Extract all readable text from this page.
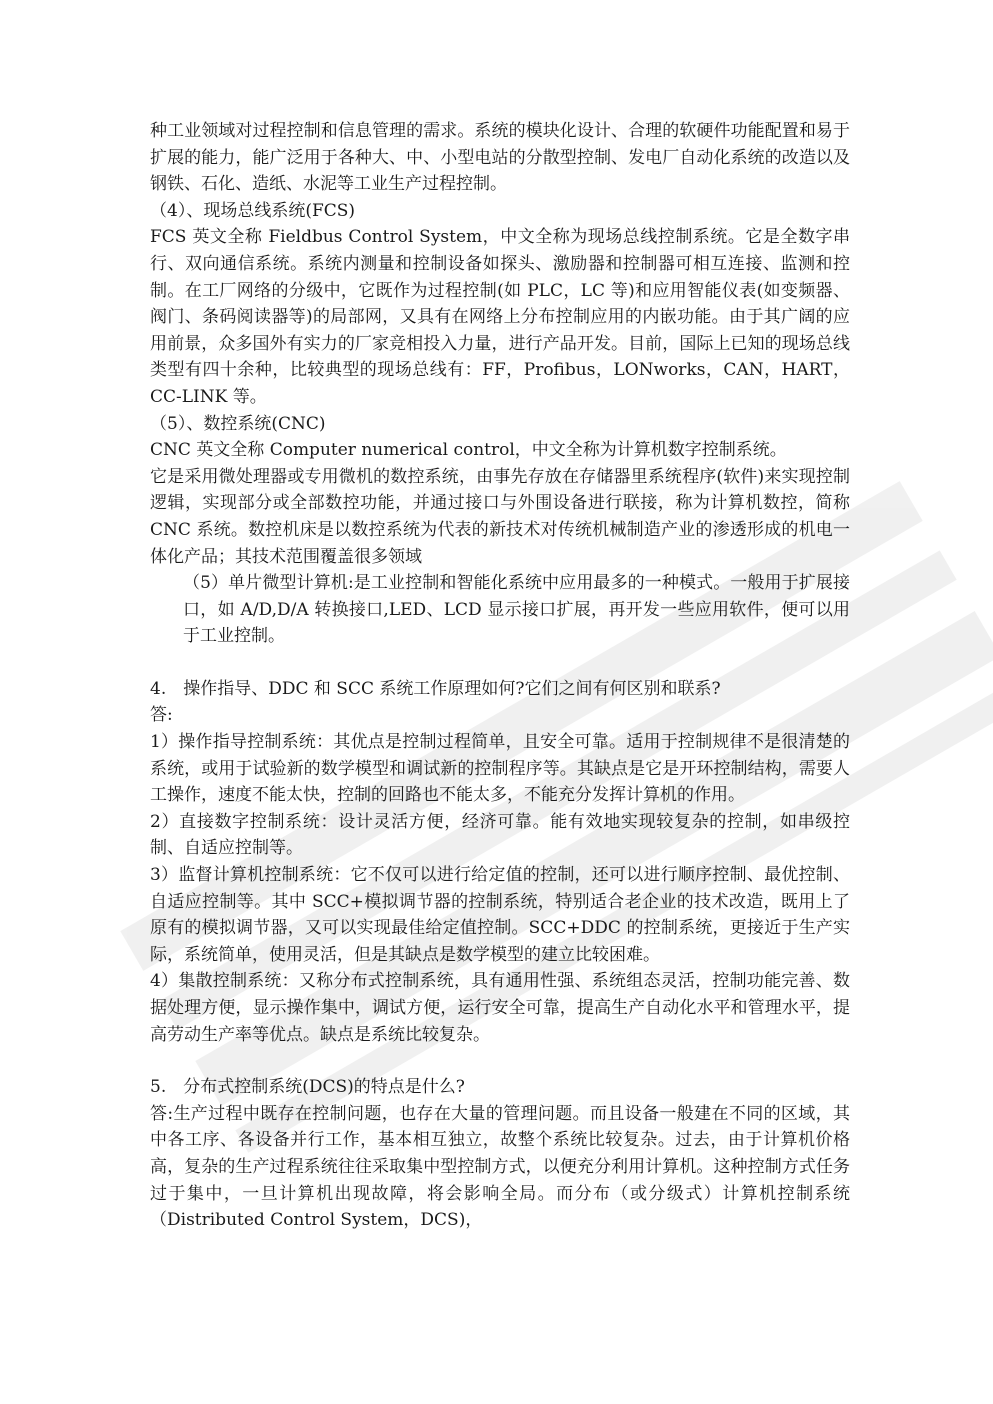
种工业领域对过程控制和信息管理的需求。系统的模块化设计、合理的软硬件功能配置和易于扩展的能力，能广泛用于各种大、中、小型电站的分散型控制、发电厂自动化系统的改造以及钢铁、石化、造纸、水泥等工业生产过程控制。

（4）、现场总线系统(FCS)

FCS 英文全称 Fieldbus Control System，中文全称为现场总线控制系统。它是全数字串行、双向通信系统。系统内测量和控制设备如探头、激励器和控制器可相互连接、监测和控制。在工厂网络的分级中，它既作为过程控制(如 PLC，LC 等)和应用智能仪表(如变频器、阀门、条码阅读器等)的局部网，又具有在网络上分布控制应用的内嵌功能。由于其广阔的应用前景，众多国外有实力的厂家竞相投入力量，进行产品开发。目前，国际上已知的现场总线类型有四十余种，比较典型的现场总线有：FF，Profibus，LONworks，CAN，HART，CC-LINK 等。

（5）、数控系统(CNC)

CNC 英文全称 Computer numerical control，中文全称为计算机数字控制系统。

它是采用微处理器或专用微机的数控系统，由事先存放在存储器里系统程序(软件)来实现控制逻辑，实现部分或全部数控功能，并通过接口与外围设备进行联接，称为计算机数控，简称 CNC 系统。数控机床是以数控系统为代表的新技术对传统机械制造产业的渗透形成的机电一体化产品；其技术范围覆盖很多领域

（5）单片微型计算机:是工业控制和智能化系统中应用最多的一种模式。一般用于扩展接口，如 A/D,D/A 转换接口,LED、LCD 显示接口扩展，再开发一些应用软件，便可以用于工业控制。

4.　操作指导、DDC 和 SCC 系统工作原理如何?它们之间有何区别和联系?

答:

1）操作指导控制系统：其优点是控制过程简单，且安全可靠。适用于控制规律不是很清楚的系统，或用于试验新的数学模型和调试新的控制程序等。其缺点是它是开环控制结构，需要人工操作，速度不能太快，控制的回路也不能太多，不能充分发挥计算机的作用。

2）直接数字控制系统：设计灵活方便，经济可靠。能有效地实现较复杂的控制，如串级控制、自适应控制等。

3）监督计算机控制系统：它不仅可以进行给定值的控制，还可以进行顺序控制、最优控制、自适应控制等。其中 SCC+模拟调节器的控制系统，特别适合老企业的技术改造，既用上了原有的模拟调节器，又可以实现最佳给定值控制。SCC+DDC 的控制系统，更接近于生产实际，系统简单，使用灵活，但是其缺点是数学模型的建立比较困难。

4）集散控制系统：又称分布式控制系统，具有通用性强、系统组态灵活，控制功能完善、数据处理方便，显示操作集中，调试方便，运行安全可靠，提高生产自动化水平和管理水平，提高劳动生产率等优点。缺点是系统比较复杂。

5.　分布式控制系统(DCS)的特点是什么?

答:生产过程中既存在控制问题，也存在大量的管理问题。而且设备一般建在不同的区域，其中各工序、各设备并行工作，基本相互独立，故整个系统比较复杂。过去，由于计算机价格高，复杂的生产过程系统往往采取集中型控制方式，以便充分利用计算机。这种控制方式任务过于集中，一旦计算机出现故障，将会影响全局。而分布（或分级式）计算机控制系统（Distributed Control System，DCS)，
